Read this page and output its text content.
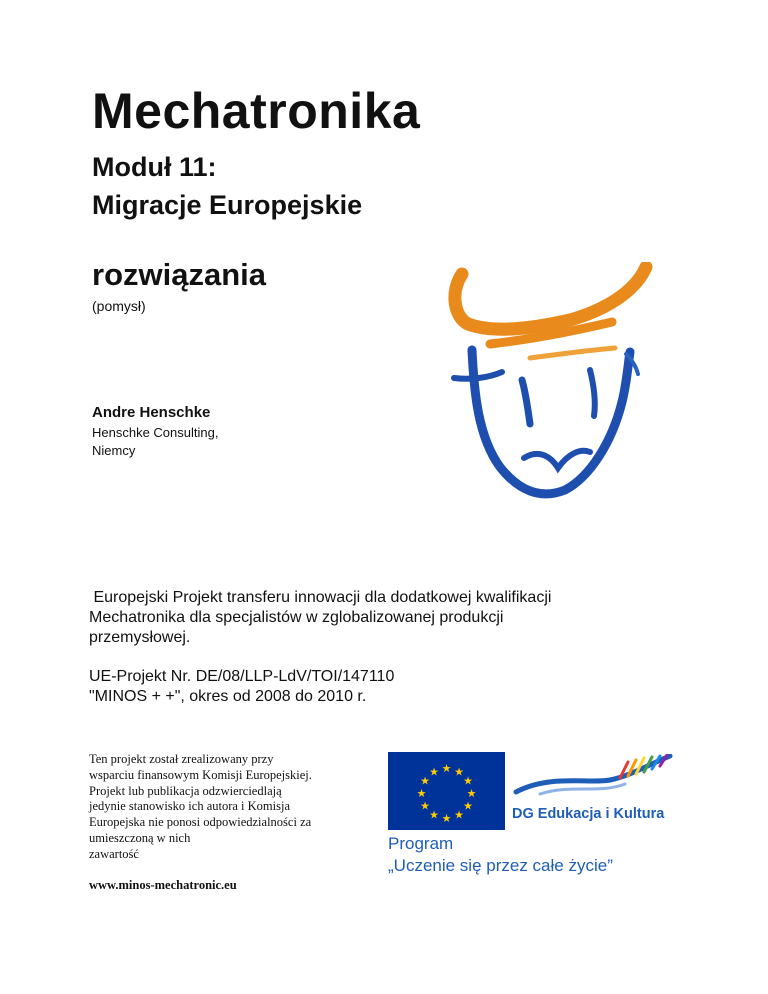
Mechatronika
Moduł 11:
Migracje Europejskie
rozwiązania
(pomysł)
Andre Henschke
Henschke Consulting,
Niemcy
Europejski Projekt transferu innowacji dla dodatkowej kwalifikacji
Mechatronika dla specjalistów w zglobalizowanej produkcji
przemysłowej.
UE-Projekt Nr. DE/08/LLP-LdV/TOI/147110
"MINOS + +", okres od 2008 do 2010 r.
Ten projekt został zrealizowany przy
wsparciu finansowym Komisji Europejskiej.
Projekt lub publikacja odzwierciedlają
jedynie stanowisko ich autora i Komisja
Europejska nie ponosi odpowiedzialności za
umieszczoną w nich
zawartość
www.minos-mechatronic.eu
★ ★
★
★
★
★
★
★
★
★
★
★
DG Edukacja i Kultura
Program
„Uczenie się przez całe życie”
